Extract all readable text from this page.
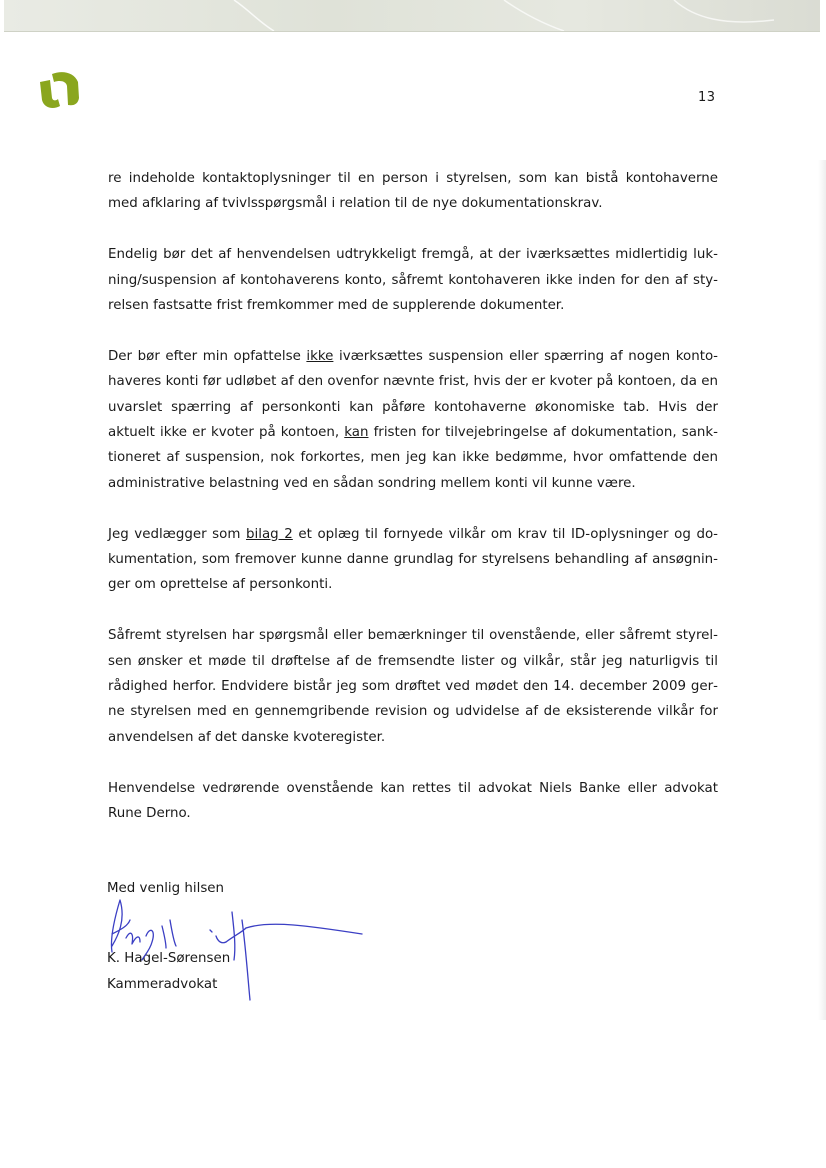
13

re indeholde kontaktoplysninger til en person i styrelsen, som kan bistå kontohaverne med afklaring af tvivlsspørgsmål i relation til de nye dokumentationskrav.

Endelig bør det af henvendelsen udtrykkeligt fremgå, at der iværksættes midlertidig lukning/suspension af kontohaverens konto, såfremt kontohaveren ikke inden for den af styrelsen fastsatte frist fremkommer med de supplerende dokumenter.

Der bør efter min opfattelse ikke iværksættes suspension eller spærring af nogen kontohaveres konti før udløbet af den ovenfor nævnte frist, hvis der er kvoter på kontoen, da en uvarslet spærring af personkonti kan påføre kontohaverne økonomiske tab. Hvis der aktuelt ikke er kvoter på kontoen, kan fristen for tilvejebringelse af dokumentation, sanktioneret af suspension, nok forkortes, men jeg kan ikke bedømme, hvor omfattende den administrative belastning ved en sådan sondring mellem konti vil kunne være.

Jeg vedlægger som bilag 2 et oplæg til fornyede vilkår om krav til ID-oplysninger og dokumentation, som fremover kunne danne grundlag for styrelsens behandling af ansøgninger om oprettelse af personkonti.

Såfremt styrelsen har spørgsmål eller bemærkninger til ovenstående, eller såfremt styrelsen ønsker et møde til drøftelse af de fremsendte lister og vilkår, står jeg naturligvis til rådighed herfor. Endvidere bistår jeg som drøftet ved mødet den 14. december 2009 gerne styrelsen med en gennemgribende revision og udvidelse af de eksisterende vilkår for anvendelsen af det danske kvoteregister.

Henvendelse vedrørende ovenstående kan rettes til advokat Niels Banke eller advokat Rune Derno.

Med venlig hilsen
K. Hagel-Sørensen
Kammeradvokat
